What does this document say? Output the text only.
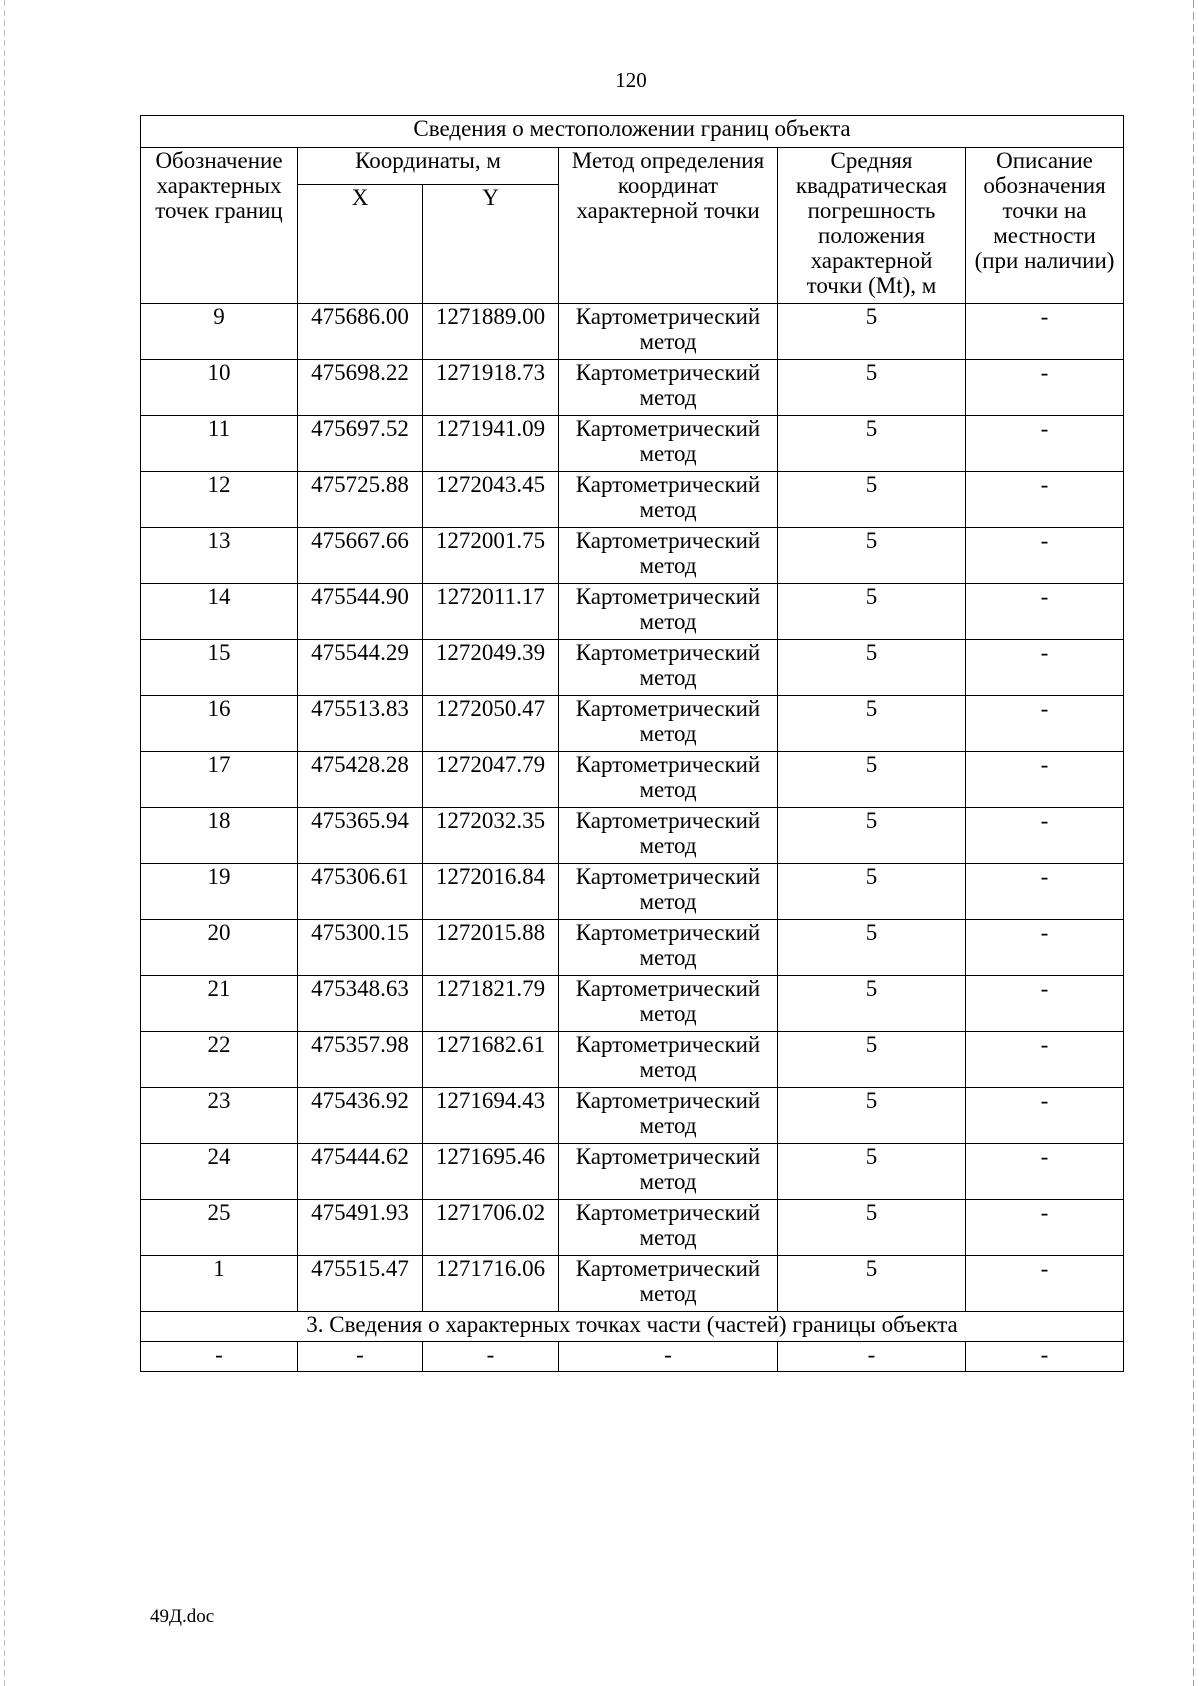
120
Сведения о местоположении границ объекта					
Обозначение характерных точек границ	Координаты, м		Метод определения координат характерной точки	Средняя квадратическая погрешность положения характерной точки (Mt), м	Описание обозначения точки на местности (при наличии)
	X	Y			
9	475686.00	1271889.00	Картометрический метод	5	-
10	475698.22	1271918.73	Картометрический метод	5	-
11	475697.52	1271941.09	Картометрический метод	5	-
12	475725.88	1272043.45	Картометрический метод	5	-
13	475667.66	1272001.75	Картометрический метод	5	-
14	475544.90	1272011.17	Картометрический метод	5	-
15	475544.29	1272049.39	Картометрический метод	5	-
16	475513.83	1272050.47	Картометрический метод	5	-
17	475428.28	1272047.79	Картометрический метод	5	-
18	475365.94	1272032.35	Картометрический метод	5	-
19	475306.61	1272016.84	Картометрический метод	5	-
20	475300.15	1272015.88	Картометрический метод	5	-
21	475348.63	1271821.79	Картометрический метод	5	-
22	475357.98	1271682.61	Картометрический метод	5	-
23	475436.92	1271694.43	Картометрический метод	5	-
24	475444.62	1271695.46	Картометрический метод	5	-
25	475491.93	1271706.02	Картометрический метод	5	-
1	475515.47	1271716.06	Картометрический метод	5	-
3. Сведения о характерных точках части (частей) границы объекта					
-	-	-	-	-	-
49Д.doc
